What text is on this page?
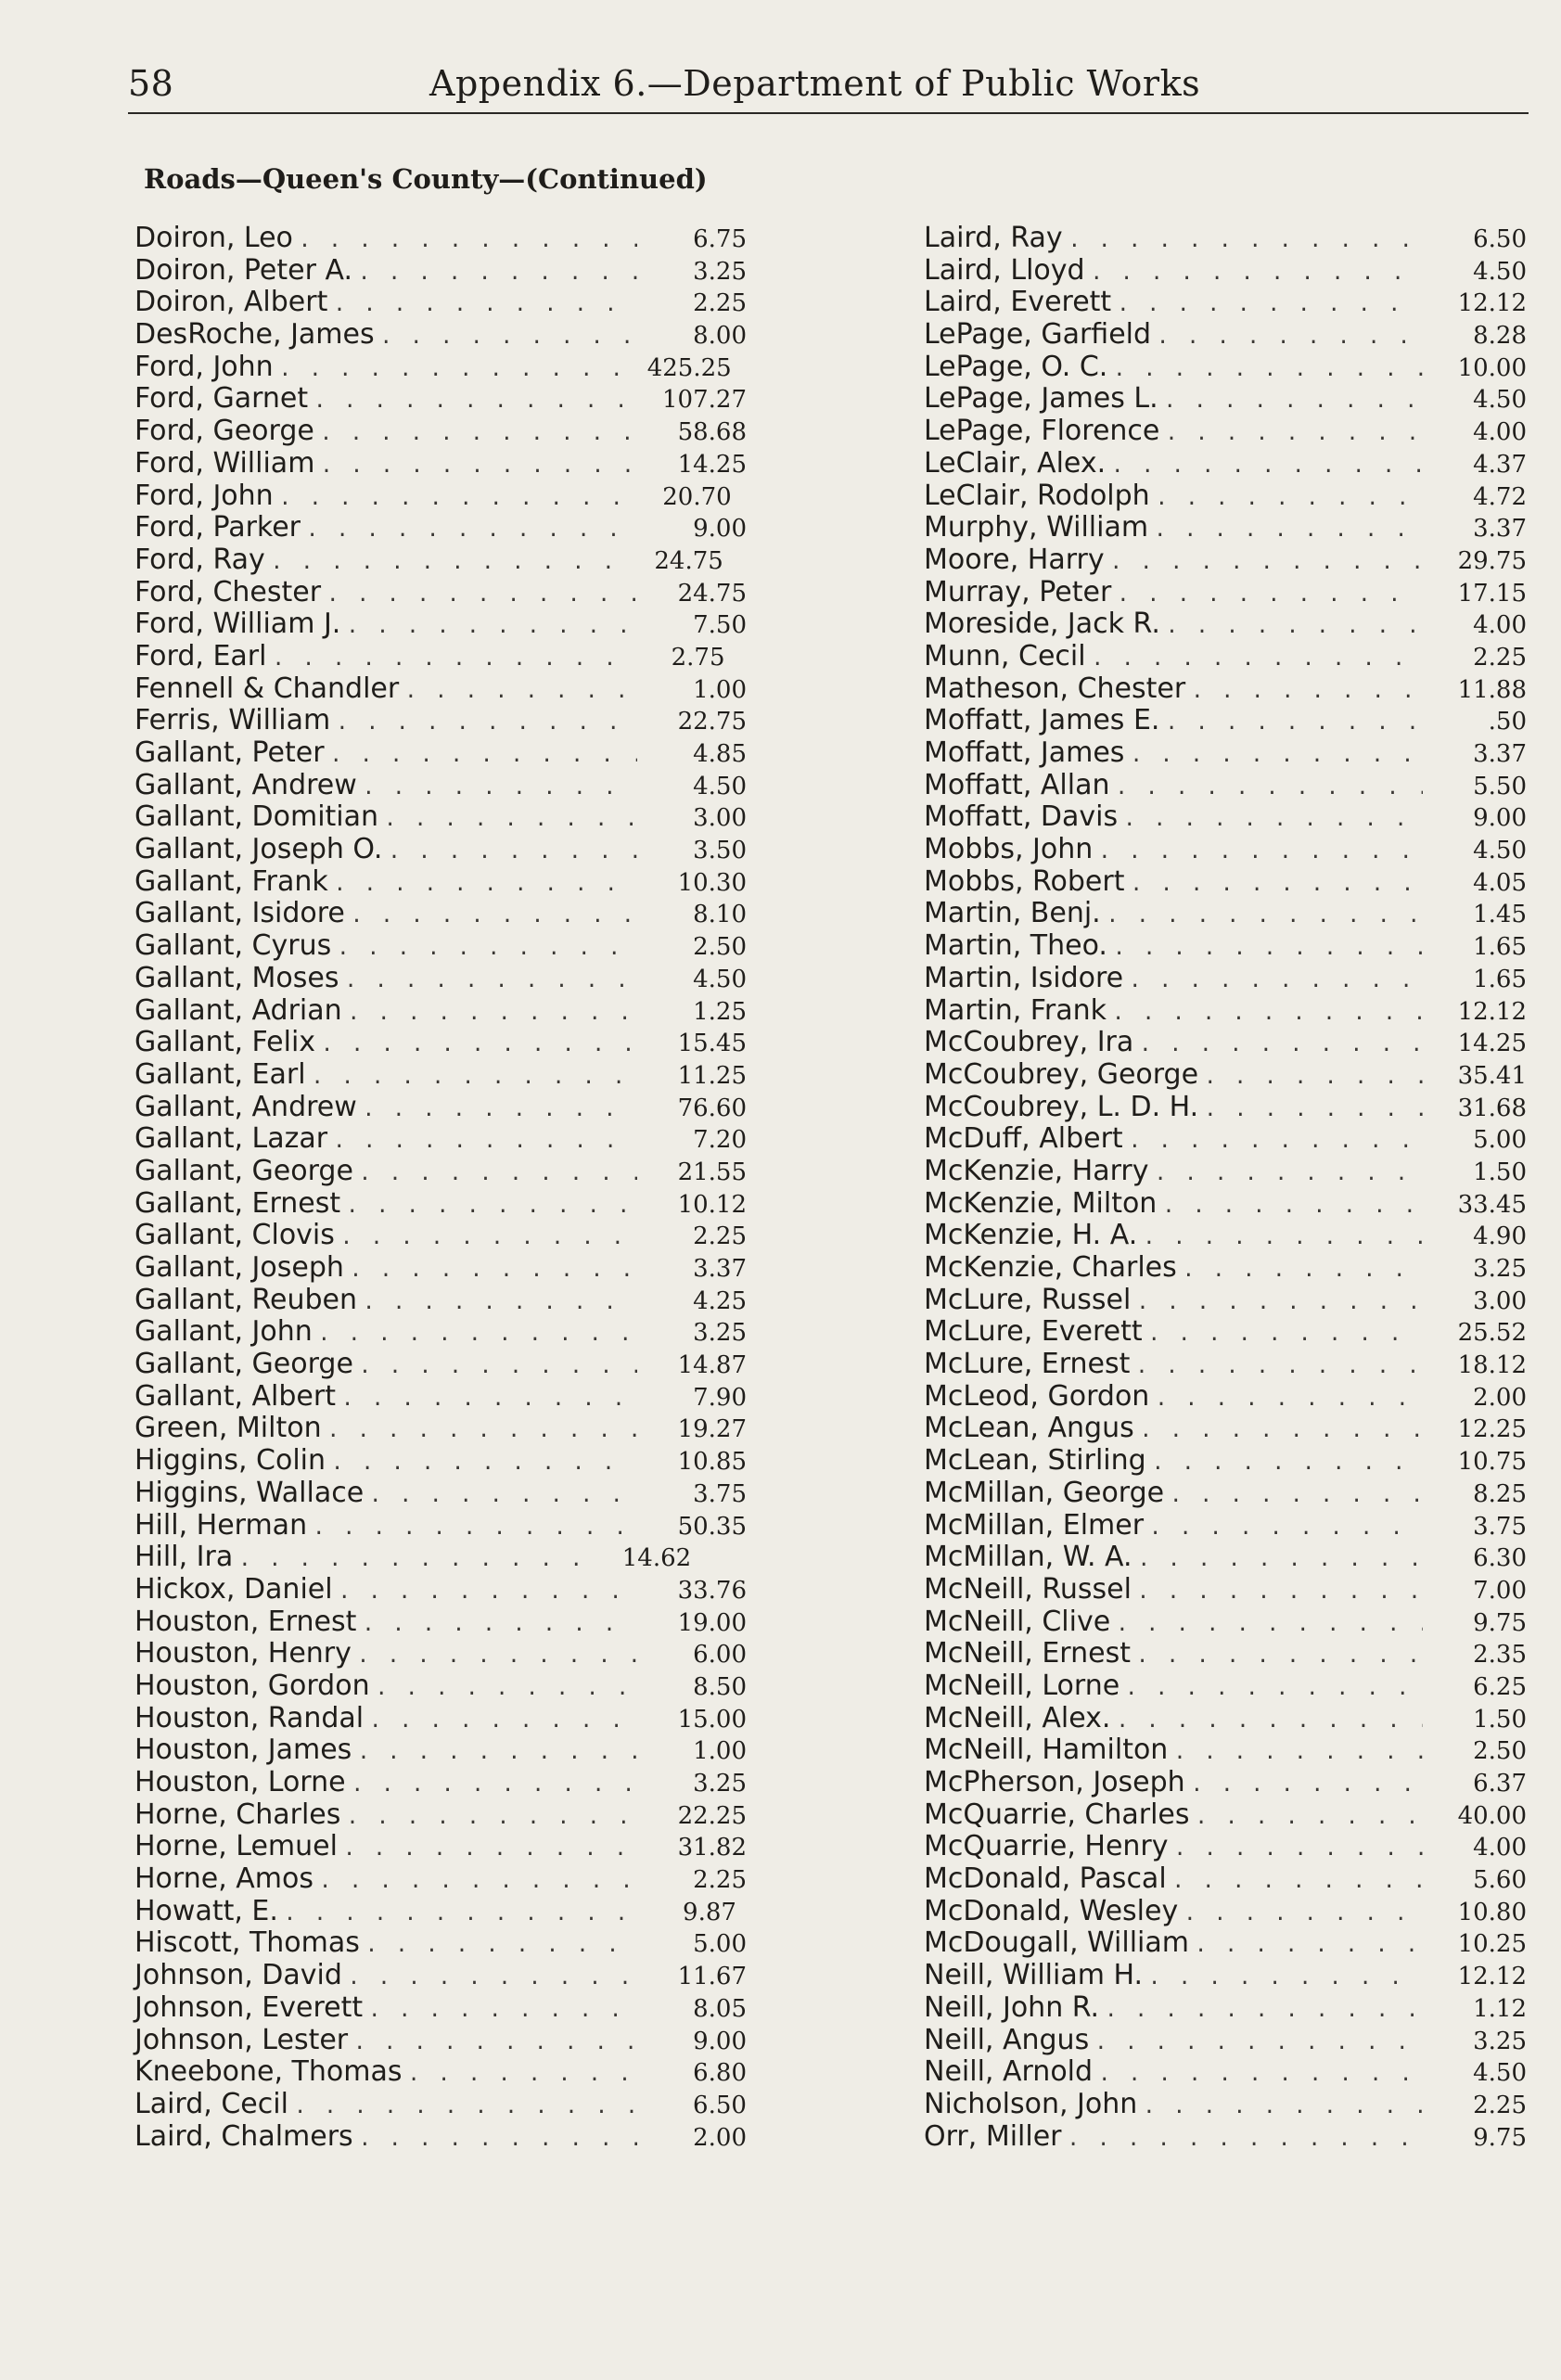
58	Appendix 6.—Department of Public Works
Roads—Queen's County—(Continued)
Doiron, Leo . . .	6.75
Doiron, Peter A. . . .	3.25
Doiron, Albert . . .	2.25
DesRoche, James . . .	8.00
Ford, John . . .	425.25
Ford, Garnet . . .	107.27
Ford, George . . .	58.68
Ford, William . . .	14.25
Ford, John . . .	20.70
Ford, Parker . . .	9.00
Ford, Ray . . .	24.75
Ford, Chester . . .	24.75
Ford, William J. . . .	7.50
Ford, Earl . . .	2.75
Fennell & Chandler . . .	1.00
Ferris, William . . .	22.75
Gallant, Peter . . .	4.85
Gallant, Andrew . . .	4.50
Gallant, Domitian . . .	3.00
Gallant, Joseph O. . . .	3.50
Gallant, Frank . . .	10.30
Gallant, Isidore . . .	8.10
Gallant, Cyrus . . .	2.50
Gallant, Moses . . .	4.50
Gallant, Adrian . . .	1.25
Gallant, Felix . . .	15.45
Gallant, Earl . . .	11.25
Gallant, Andrew . . .	76.60
Gallant, Lazar . . .	7.20
Gallant, George . . .	21.55
Gallant, Ernest . . .	10.12
Gallant, Clovis . . .	2.25
Gallant, Joseph . . .	3.37
Gallant, Reuben . . .	4.25
Gallant, John . . .	3.25
Gallant, George . . .	14.87
Gallant, Albert . . .	7.90
Green, Milton . . .	19.27
Higgins, Colin . . .	10.85
Higgins, Wallace . . .	3.75
Hill, Herman . . .	50.35
Hill, Ira . . .	14.62
Hickox, Daniel . . .	33.76
Houston, Ernest . . .	19.00
Houston, Henry . . .	6.00
Houston, Gordon . . .	8.50
Houston, Randal . . .	15.00
Houston, James . . .	1.00
Houston, Lorne . . .	3.25
Horne, Charles . . .	22.25
Horne, Lemuel . . .	31.82
Horne, Amos . . .	2.25
Howatt, E. . . .	9.87
Hiscott, Thomas . . .	5.00
Johnson, David . . .	11.67
Johnson, Everett . . .	8.05
Johnson, Lester . . .	9.00
Kneebone, Thomas . . .	6.80
Laird, Cecil . . .	6.50
Laird, Chalmers . . .	2.00
Laird, Ray . . .	6.50
Laird, Lloyd . . .	4.50
Laird, Everett . . .	12.12
LePage, Garfield . . .	8.28
LePage, O. C. . . .	10.00
LePage, James L. . . .	4.50
LePage, Florence . . .	4.00
LeClair, Alex. . . .	4.37
LeClair, Rodolph . . .	4.72
Murphy, William . . .	3.37
Moore, Harry . . .	29.75
Murray, Peter . . .	17.15
Moreside, Jack R. . . .	4.00
Munn, Cecil . . .	2.25
Matheson, Chester . . .	11.88
Moffatt, James E. . . .	.50
Moffatt, James . . .	3.37
Moffatt, Allan . . .	5.50
Moffatt, Davis . . .	9.00
Mobbs, John . . .	4.50
Mobbs, Robert . . .	4.05
Martin, Benj. . . .	1.45
Martin, Theo. . . .	1.65
Martin, Isidore . . .	1.65
Martin, Frank . . .	12.12
McCoubrey, Ira . . .	14.25
McCoubrey, George . . .	35.41
McCoubrey, L. D. H. . . .	31.68
McDuff, Albert . . .	5.00
McKenzie, Harry . . .	1.50
McKenzie, Milton . . .	33.45
McKenzie, H. A. . . .	4.90
McKenzie, Charles . . .	3.25
McLure, Russel . . .	3.00
McLure, Everett . . .	25.52
McLure, Ernest . . .	18.12
McLeod, Gordon . . .	2.00
McLean, Angus . . .	12.25
McLean, Stirling . . .	10.75
McMillan, George . . .	8.25
McMillan, Elmer . . .	3.75
McMillan, W. A. . . .	6.30
McNeill, Russel . . .	7.00
McNeill, Clive . . .	9.75
McNeill, Ernest . . .	2.35
McNeill, Lorne . . .	6.25
McNeill, Alex. . . .	1.50
McNeill, Hamilton . . .	2.50
McPherson, Joseph . . .	6.37
McQuarrie, Charles . . .	40.00
McQuarrie, Henry . . .	4.00
McDonald, Pascal . . .	5.60
McDonald, Wesley . . .	10.80
McDougall, William . . .	10.25
Neill, William H. . . .	12.12
Neill, John R. . . .	1.12
Neill, Angus . . .	3.25
Neill, Arnold . . .	4.50
Nicholson, John . . .	2.25
Orr, Miller . . .	9.75
